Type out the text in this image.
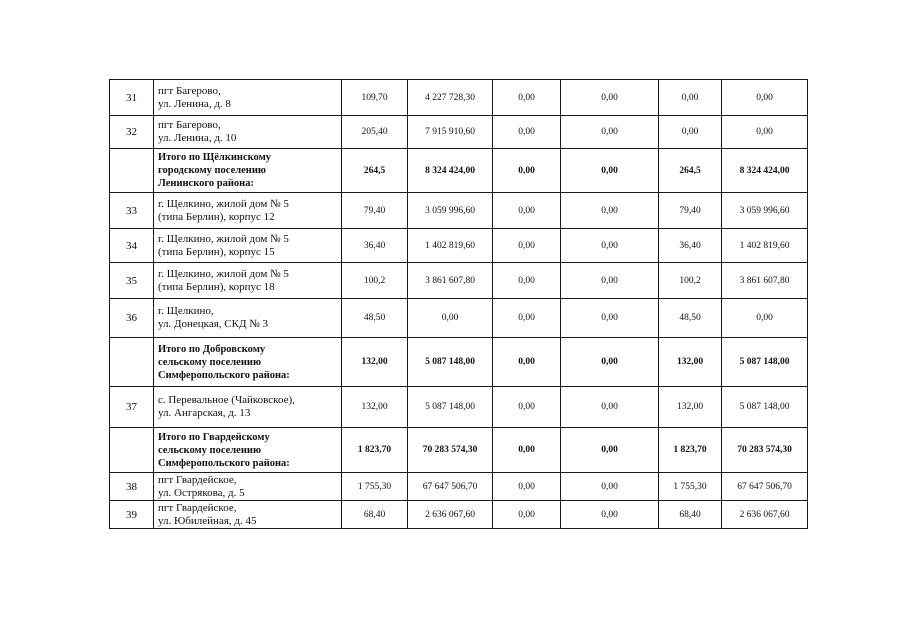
31	пгт Багерово,
ул. Ленина, д. 8	109,70	4 227 728,30	0,00	0,00	0,00	0,00
32	пгт Багерово,
ул. Ленина, д. 10	205,40	7 915 910,60	0,00	0,00	0,00	0,00
	Итого по Щёлкинскому
городскому поселению
Ленинского района:	264,5	8 324 424,00	0,00	0,00	264,5	8 324 424,00
33	г. Щелкино, жилой дом № 5
(типа Берлин), корпус 12	79,40	3 059 996,60	0,00	0,00	79,40	3 059 996,60
34	г. Щелкино, жилой дом № 5
(типа Берлин), корпус 15	36,40	1 402 819,60	0,00	0,00	36,40	1 402 819,60
35	г. Щелкино, жилой дом № 5
(типа Берлин), корпус 18	100,2	3 861 607,80	0,00	0,00	100,2	3 861 607,80
36	г. Щелкино,
ул. Донецкая, СКД № 3	48,50	0,00	0,00	0,00	48,50	0,00
	Итого по Добровскому
сельскому поселению
Симферопольского района:	132,00	5 087 148,00	0,00	0,00	132,00	5 087 148,00
37	с. Перевальное (Чайковское),
ул. Ангарская, д. 13	132,00	5 087 148,00	0,00	0,00	132,00	5 087 148,00
	Итого по Гвардейскому
сельскому поселению
Симферопольского района:	1 823,70	70 283 574,30	0,00	0,00	1 823,70	70 283 574,30
38	пгт Гвардейское,
ул. Острякова, д. 5	1 755,30	67 647 506,70	0,00	0,00	1 755,30	67 647 506,70
39	пгт Гвардейское,
ул. Юбилейная, д. 45	68,40	2 636 067,60	0,00	0,00	68,40	2 636 067,60
